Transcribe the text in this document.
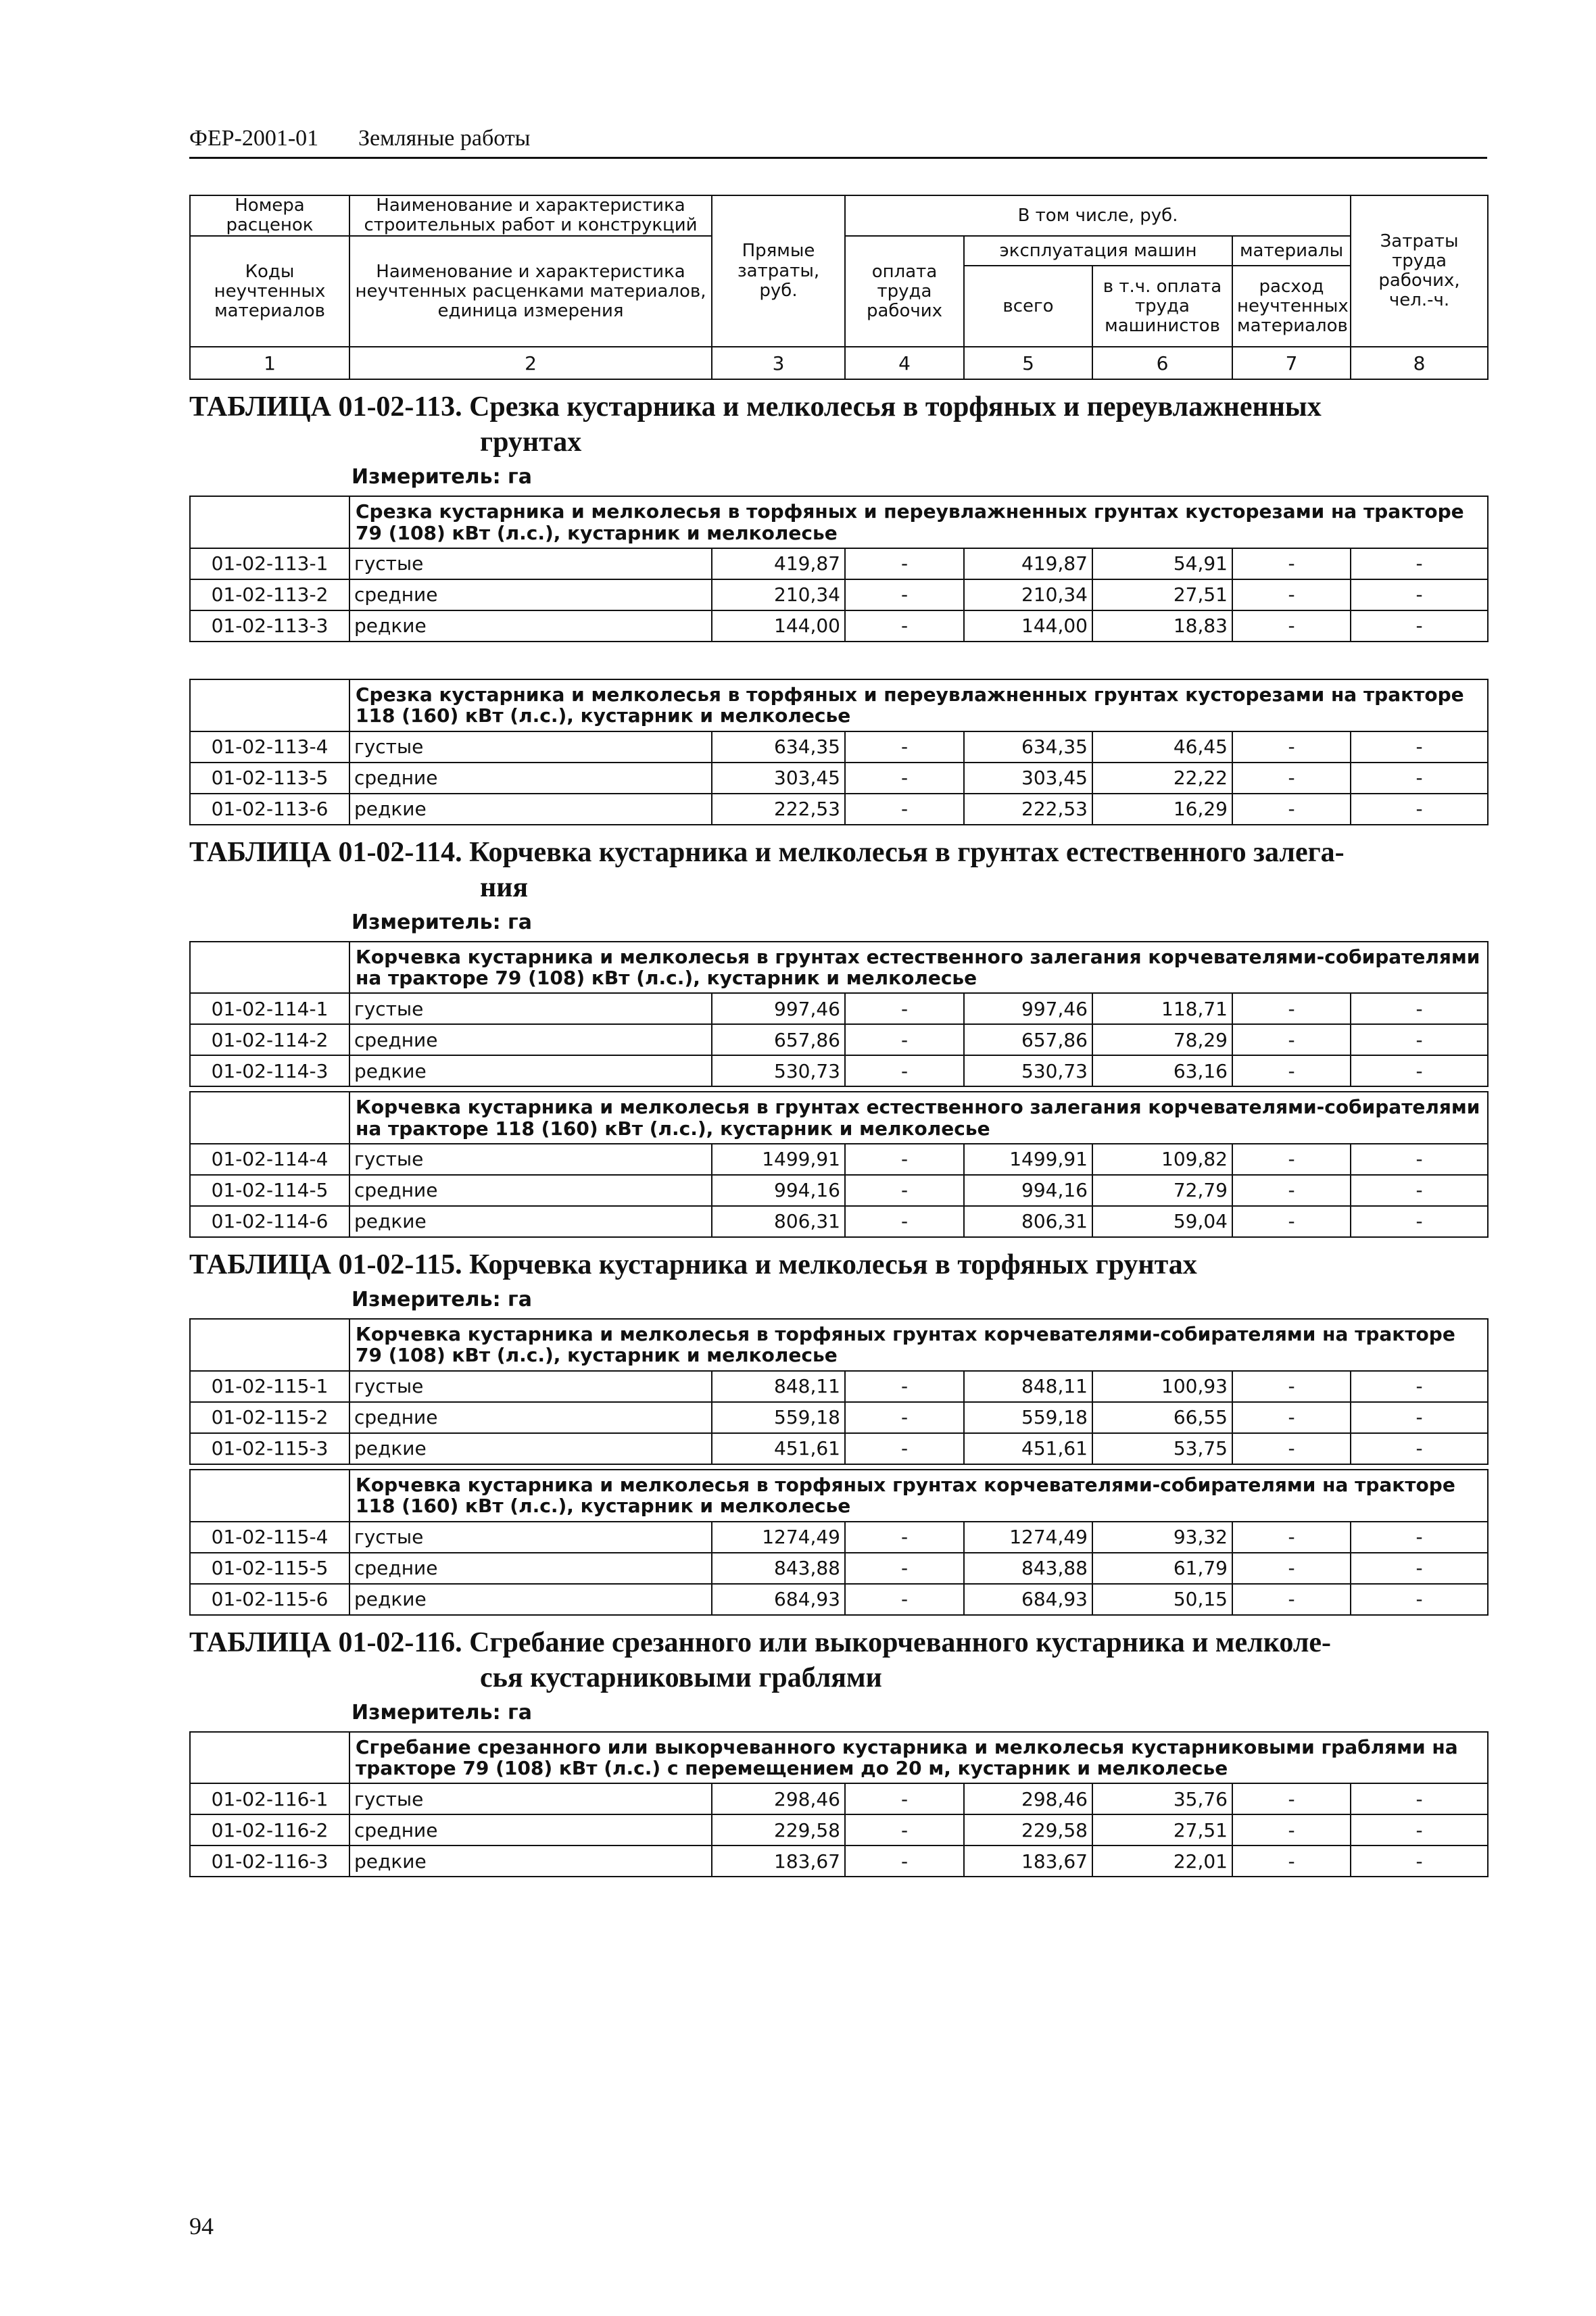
ФЕР-2001-01 Земляные работы
Номера расценок	Наименование и характеристика строительных работ и конструкций	Прямые затраты, руб.	В том числе, руб.				Затраты труда рабочих, чел.-ч.
Коды неучтенных материалов	Наименование и характеристика неучтенных расценками материалов, единица измерения		оплата труда рабочих	эксплуатация машин		материалы	
				всего	в т.ч. оплата труда машинистов	расход неучтенных материалов	

1	2	3	4	5	6	7	8
ТАБЛИЦА 01-02-113. Срезка кустарника и мелколесья в торфяных и переувлажненных
грунтах
Измеритель: га
	Срезка кустарника и мелколесья в торфяных и переувлажненных грунтах кусторезами на тракторе 79 (108) кВт (л.с.), кустарник и мелколесье						
01-02-113-1	густые	419,87	-	419,87	54,91	-	-
01-02-113-2	средние	210,34	-	210,34	27,51	-	-
01-02-113-3	редкие	144,00	-	144,00	18,83	-	-
	Срезка кустарника и мелколесья в торфяных и переувлажненных грунтах кусторезами на тракторе 118 (160) кВт (л.с.), кустарник и мелколесье						
01-02-113-4	густые	634,35	-	634,35	46,45	-	-
01-02-113-5	средние	303,45	-	303,45	22,22	-	-
01-02-113-6	редкие	222,53	-	222,53	16,29	-	-
ТАБЛИЦА 01-02-114. Корчевка кустарника и мелколесья в грунтах естественного залега-
ния
Измеритель: га
	Корчевка кустарника и мелколесья в грунтах естественного залегания корчевателями-собирателями на тракторе 79 (108) кВт (л.с.), кустарник и мелколесье						
01-02-114-1	густые	997,46	-	997,46	118,71	-	-
01-02-114-2	средние	657,86	-	657,86	78,29	-	-
01-02-114-3	редкие	530,73	-	530,73	63,16	-	-
	Корчевка кустарника и мелколесья в грунтах естественного залегания корчевателями-собирателями на тракторе 118 (160) кВт (л.с.), кустарник и мелколесье						
01-02-114-4	густые	1499,91	-	1499,91	109,82	-	-
01-02-114-5	средние	994,16	-	994,16	72,79	-	-
01-02-114-6	редкие	806,31	-	806,31	59,04	-	-
ТАБЛИЦА 01-02-115. Корчевка кустарника и мелколесья в торфяных грунтах
Измеритель: га
	Корчевка кустарника и мелколесья в торфяных грунтах корчевателями-собирателями на тракторе 79 (108) кВт (л.с.), кустарник и мелколесье						
01-02-115-1	густые	848,11	-	848,11	100,93	-	-
01-02-115-2	средние	559,18	-	559,18	66,55	-	-
01-02-115-3	редкие	451,61	-	451,61	53,75	-	-
	Корчевка кустарника и мелколесья в торфяных грунтах корчевателями-собирателями на тракторе 118 (160) кВт (л.с.), кустарник и мелколесье						
01-02-115-4	густые	1274,49	-	1274,49	93,32	-	-
01-02-115-5	средние	843,88	-	843,88	61,79	-	-
01-02-115-6	редкие	684,93	-	684,93	50,15	-	-
ТАБЛИЦА 01-02-116. Сгребание срезанного или выкорчеванного кустарника и мелколе-
сья кустарниковыми граблями
Измеритель: га
	Сгребание срезанного или выкорчеванного кустарника и мелколесья кустарниковыми граблями на тракторе 79 (108) кВт (л.с.) с перемещением до 20 м, кустарник и мелколесье						
01-02-116-1	густые	298,46	-	298,46	35,76	-	-
01-02-116-2	средние	229,58	-	229,58	27,51	-	-
01-02-116-3	редкие	183,67	-	183,67	22,01	-	-
94
